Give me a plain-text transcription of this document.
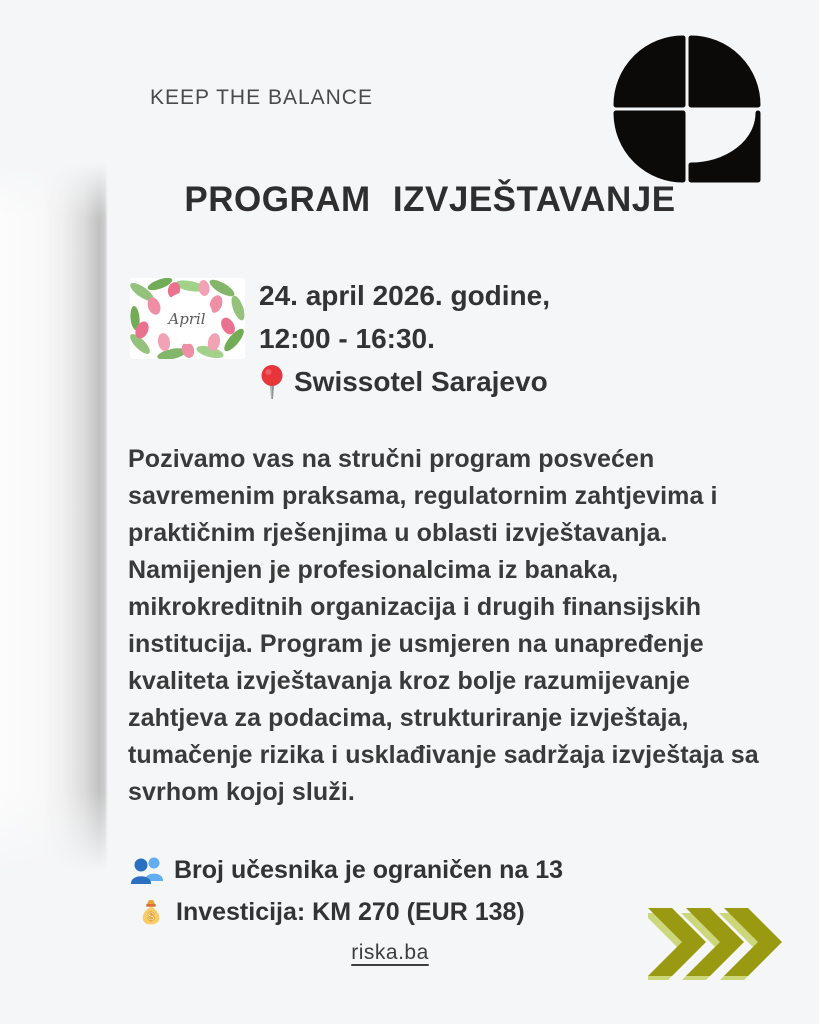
KEEP THE BALANCE
PROGRAM IZVJEŠTAVANJE
April
24. april 2026. godine,
12:00 - 16:30.
Swissotel Sarajevo
Pozivamo vas na stručni program posvećen savremenim praksama, regulatornim zahtjevima i praktičnim rješenjima u oblasti izvještavanja. Namijenjen je profesionalcima iz banaka, mikrokreditnih organizacija i drugih finansijskih institucija. Program je usmjeren na unapređenje kvaliteta izvještavanja kroz bolje razumijevanje zahtjeva za podacima, strukturiranje izvještaja, tumačenje rizika i usklađivanje sadržaja izvještaja sa svrhom kojoj služi.
Broj učesnika je ograničen na 13
$ Investicija: KM 270 (EUR 138)
riska.ba
